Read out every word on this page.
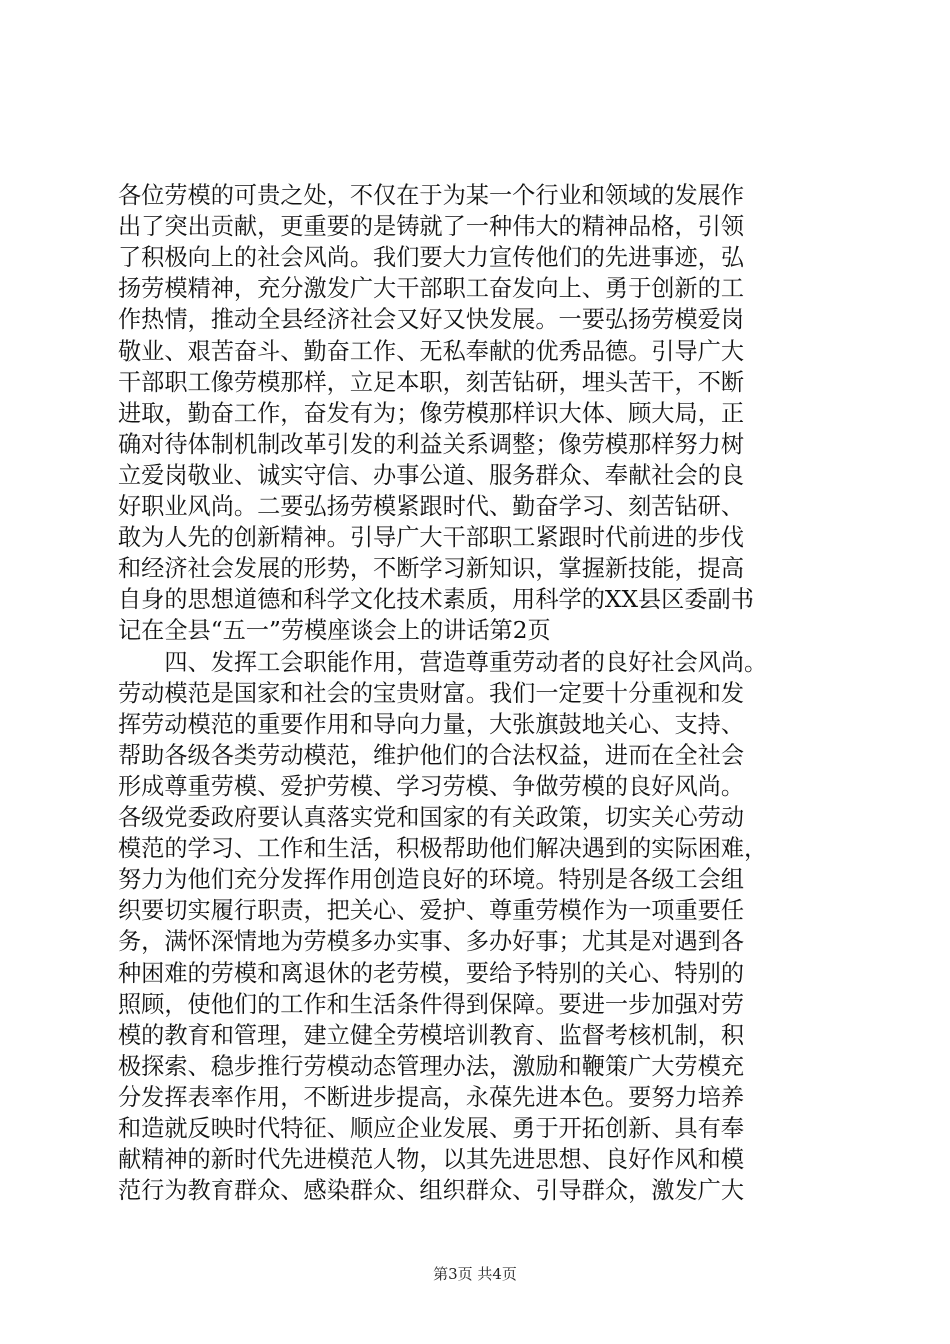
各位劳模的可贵之处，不仅在于为某一个行业和领域的发展作
出了突出贡献，更重要的是铸就了一种伟大的精神品格，引领
了积极向上的社会风尚。我们要大力宣传他们的先进事迹，弘
扬劳模精神，充分激发广大干部职工奋发向上、勇于创新的工
作热情，推动全县经济社会又好又快发展。一要弘扬劳模爱岗
敬业、艰苦奋斗、勤奋工作、无私奉献的优秀品德。引导广大
干部职工像劳模那样，立足本职，刻苦钻研，埋头苦干，不断
进取，勤奋工作，奋发有为；像劳模那样识大体、顾大局，正
确对待体制机制改革引发的利益关系调整；像劳模那样努力树
立爱岗敬业、诚实守信、办事公道、服务群众、奉献社会的良
好职业风尚。二要弘扬劳模紧跟时代、勤奋学习、刻苦钻研、
敢为人先的创新精神。引导广大干部职工紧跟时代前进的步伐
和经济社会发展的形势，不断学习新知识，掌握新技能，提高
自身的思想道德和科学文化技术素质，用科学的XX县区委副书
记在全县“五一”劳模座谈会上的讲话第2页
　　四、发挥工会职能作用，营造尊重劳动者的良好社会风尚。
劳动模范是国家和社会的宝贵财富。我们一定要十分重视和发
挥劳动模范的重要作用和导向力量，大张旗鼓地关心、支持、
帮助各级各类劳动模范，维护他们的合法权益，进而在全社会
形成尊重劳模、爱护劳模、学习劳模、争做劳模的良好风尚。
各级党委政府要认真落实党和国家的有关政策，切实关心劳动
模范的学习、工作和生活，积极帮助他们解决遇到的实际困难，
努力为他们充分发挥作用创造良好的环境。特别是各级工会组
织要切实履行职责，把关心、爱护、尊重劳模作为一项重要任
务，满怀深情地为劳模多办实事、多办好事；尤其是对遇到各
种困难的劳模和离退休的老劳模，要给予特别的关心、特别的
照顾，使他们的工作和生活条件得到保障。要进一步加强对劳
模的教育和管理，建立健全劳模培训教育、监督考核机制，积
极探索、稳步推行劳模动态管理办法，激励和鞭策广大劳模充
分发挥表率作用，不断进步提高，永葆先进本色。要努力培养
和造就反映时代特征、顺应企业发展、勇于开拓创新、具有奉
献精神的新时代先进模范人物，以其先进思想、良好作风和模
范行为教育群众、感染群众、组织群众、引导群众，激发广大
第3页 共4页
